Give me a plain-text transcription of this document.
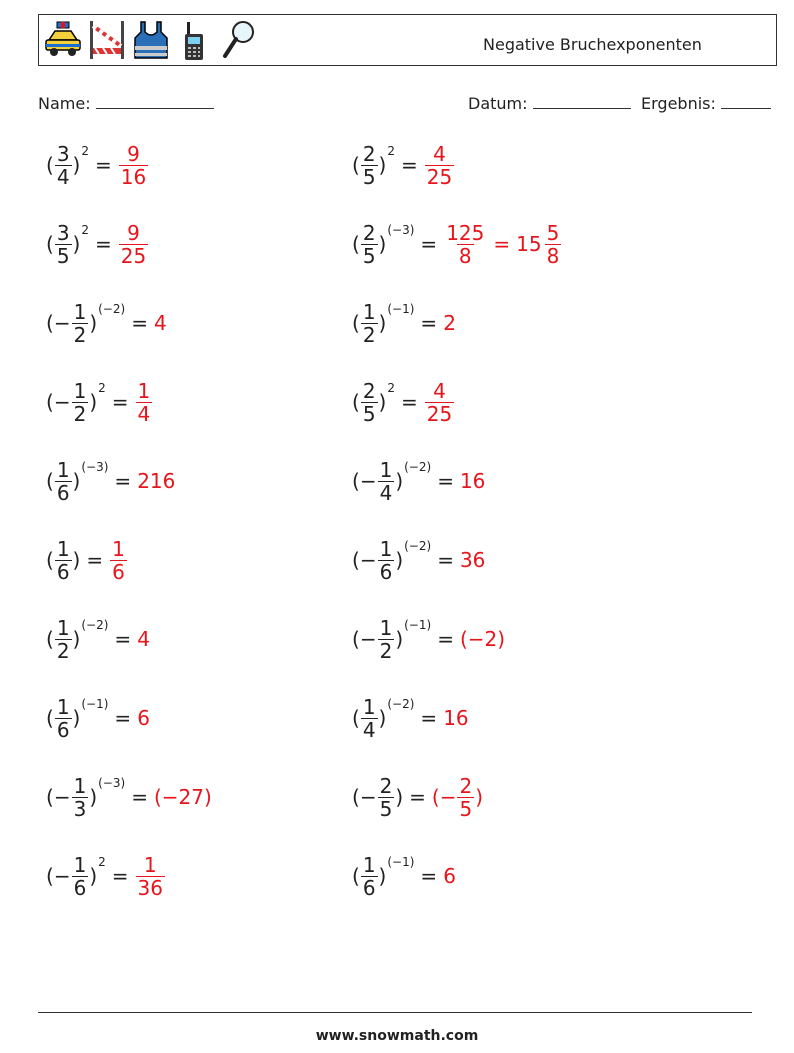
Negative Bruchexponenten
Name:	Datum:	Ergebnis:
( $\frac{3}{4}$ )
2
= $\frac{9}{16}$	( $\frac{2}{5}$ )
2
= $\frac{4}{25}$
( $\frac{3}{5}$ )
2
= $\frac{9}{25}$	( $\frac{2}{5}$ )
(−3)
= $\frac{125}{8} = 15 \frac{5}{8}$
( − $\frac{1}{2}$ )
(−2)
= 4	( $\frac{1}{2}$ )
(−1)
= 2
( − $\frac{1}{2}$ )
2
= $\frac{1}{4}$	( $\frac{2}{5}$ )
2
= $\frac{4}{25}$
( $\frac{1}{6}$ )
(−3)
= 216	( − $\frac{1}{4}$ )
(−2)
= 16
( $\frac{1}{6}$ ) = $\frac{1}{6}$	( − $\frac{1}{6}$ )
(−2)
= 36
( $\frac{1}{2}$ )
(−2)
= 4	( − $\frac{1}{2}$ )
(−1)
= (−2)
( $\frac{1}{6}$ )
(−1)
= 6	( $\frac{1}{4}$ )
(−2)
= 16
( − $\frac{1}{3}$ )
(−3)
= (−27)	( − $\frac{2}{5}$ ) = (− $\frac{2}{5}$ )
( − $\frac{1}{6}$ )
2
= $\frac{1}{36}$	( $\frac{1}{6}$ )
(−1)
= 6
www.snowmath.com
